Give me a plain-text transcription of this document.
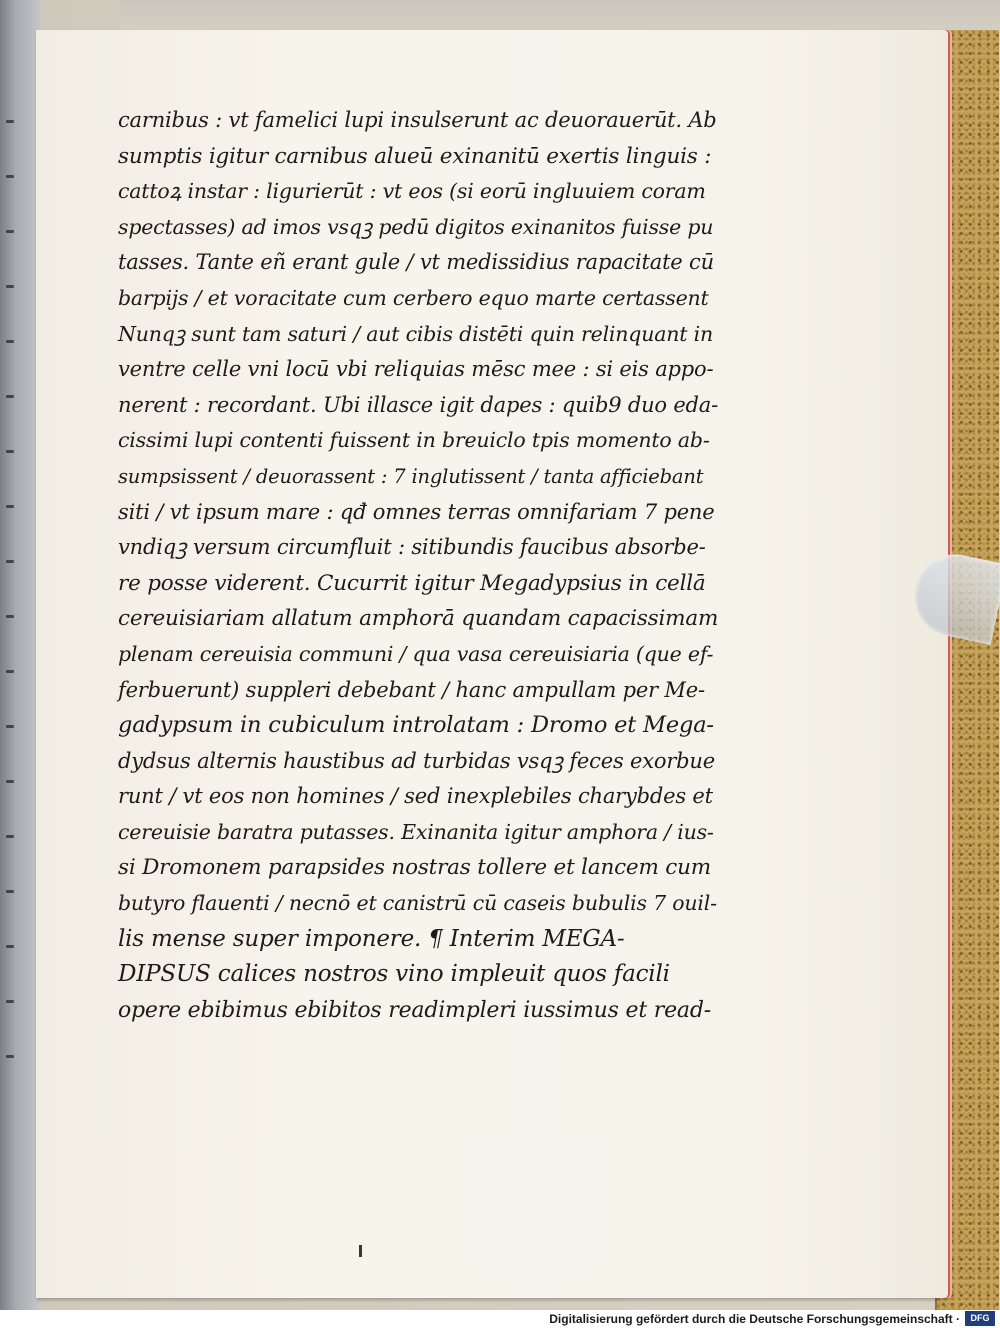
carnibus : vt famelici lupi insulserunt ac deuorauerūt. Ab
sumptis igitur carnibus alueū exinanitū exertis linguis :
cattoꝝ instar : ligurierūt : vt eos (si eorū ingluuiem coram
spectasses) ad imos vsqꝫ pedū digitos exinanitos fuisse pu
tasses. Tante eñ erant gule / vt medissidius rapacitate cū
barpijs / et voracitate cum cerbero equo marte certassent
Nunqꝫ sunt tam saturi / aut cibis distēti quin relinquant in
ventre celle vni locū vbi reliquias mēsc mee : si eis appo-
nerent : recordant. Ubi illasce igit dapes : quib9 duo eda-
cissimi lupi contenti fuissent in breuiclo tpis momento ab-
sumpsissent / deuorassent : 7 inglutissent / tanta afficiebant
siti / vt ipsum mare : qđ omnes terras omnifariam 7 pene
vndiqꝫ versum circumfluit : sitibundis faucibus absorbe-
re posse viderent. Cucurrit igitur Megadypsius in cellā
cereuisiariam allatum amphorā quandam capacissimam
plenam cereuisia communi / qua vasa cereuisiaria (que ef-
ferbuerunt) suppleri debebant / hanc ampullam per Me-
gadypsum in cubiculum introlatam : Dromo et Mega-
dydsus alternis haustibus ad turbidas vsqꝫ feces exorbue
runt / vt eos non homines / sed inexplebiles charybdes et
cereuisie baratra putasses. Exinanita igitur amphora / ius-
si Dromonem parapsides nostras tollere et lancem cum
butyro flauenti / necnō et canistrū cū caseis bubulis 7 ouil-
lis mense super imponere. ¶ Interim MEGA-
DIPSUS calices nostros vino impleuit quos facili
opere ebibimus ebibitos readimpleri iussimus et read-
Digitalisierung gefördert durch die Deutsche Forschungsgemeinschaft ·	DFG
